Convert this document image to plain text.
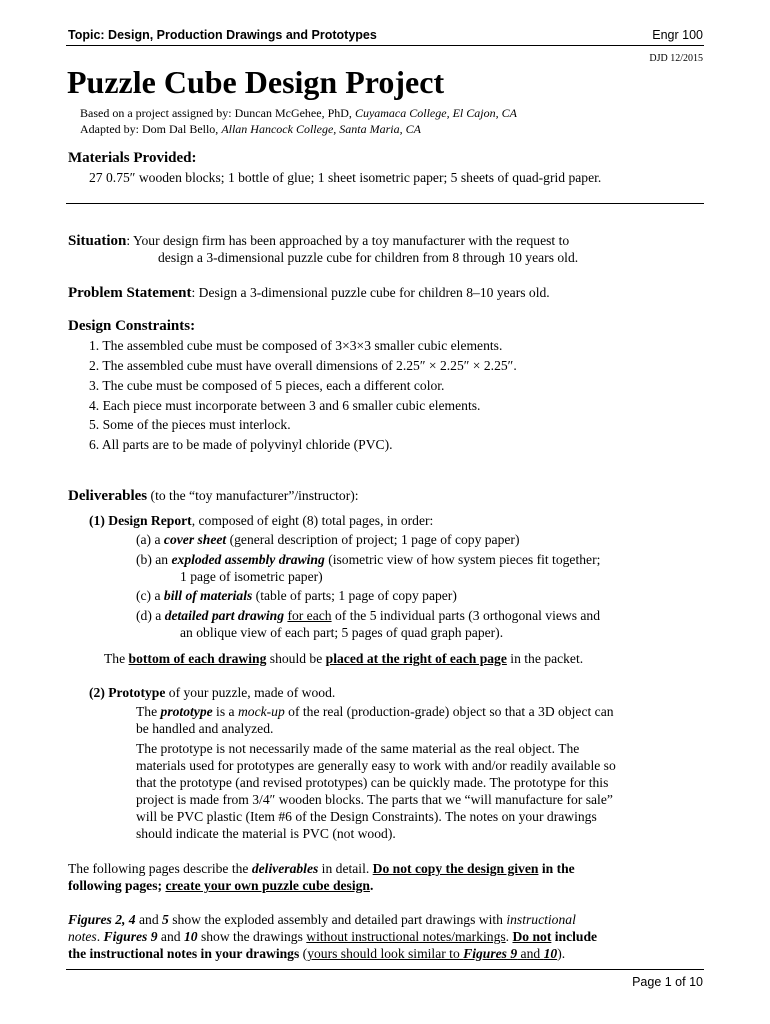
Topic: Design, Production Drawings and Prototypes	Engr 100
DJD 12/2015
Puzzle Cube Design Project
Based on a project assigned by: Duncan McGehee, PhD, Cuyamaca College, El Cajon, CA
Adapted by: Dom Dal Bello, Allan Hancock College, Santa Maria, CA
Materials Provided:
27 0.75″ wooden blocks; 1 bottle of glue; 1 sheet isometric paper; 5 sheets of quad-grid paper.
Situation: Your design firm has been approached by a toy manufacturer with the request to
design a 3-dimensional puzzle cube for children from 8 through 10 years old.
Problem Statement: Design a 3-dimensional puzzle cube for children 8–10 years old.
Design Constraints:
1. The assembled cube must be composed of 3×3×3 smaller cubic elements.
2. The assembled cube must have overall dimensions of 2.25″ × 2.25″ × 2.25″.
3. The cube must be composed of 5 pieces, each a different color.
4. Each piece must incorporate between 3 and 6 smaller cubic elements.
5. Some of the pieces must interlock.
6. All parts are to be made of polyvinyl chloride (PVC).
Deliverables (to the “toy manufacturer”/instructor):
(1) Design Report, composed of eight (8) total pages, in order:
(a) a cover sheet (general description of project; 1 page of copy paper)
(b) an exploded assembly drawing (isometric view of how system pieces fit together;
1 page of isometric paper)
(c) a bill of materials (table of parts; 1 page of copy paper)
(d) a detailed part drawing for each of the 5 individual parts (3 orthogonal views and
an oblique view of each part; 5 pages of quad graph paper).
The bottom of each drawing should be placed at the right of each page in the packet.
(2) Prototype of your puzzle, made of wood.
The prototype is a mock-up of the real (production-grade) object so that a 3D object can
be handled and analyzed.
The prototype is not necessarily made of the same material as the real object. The
materials used for prototypes are generally easy to work with and/or readily available so
that the prototype (and revised prototypes) can be quickly made. The prototype for this
project is made from 3/4″ wooden blocks. The parts that we “will manufacture for sale”
will be PVC plastic (Item #6 of the Design Constraints). The notes on your drawings
should indicate the material is PVC (not wood).
The following pages describe the deliverables in detail. Do not copy the design given in the
following pages; create your own puzzle cube design.
Figures 2, 4 and 5 show the exploded assembly and detailed part drawings with instructional
notes. Figures 9 and 10 show the drawings without instructional notes/markings. Do not include
the instructional notes in your drawings (yours should look similar to Figures 9 and 10).
Page 1 of 10
